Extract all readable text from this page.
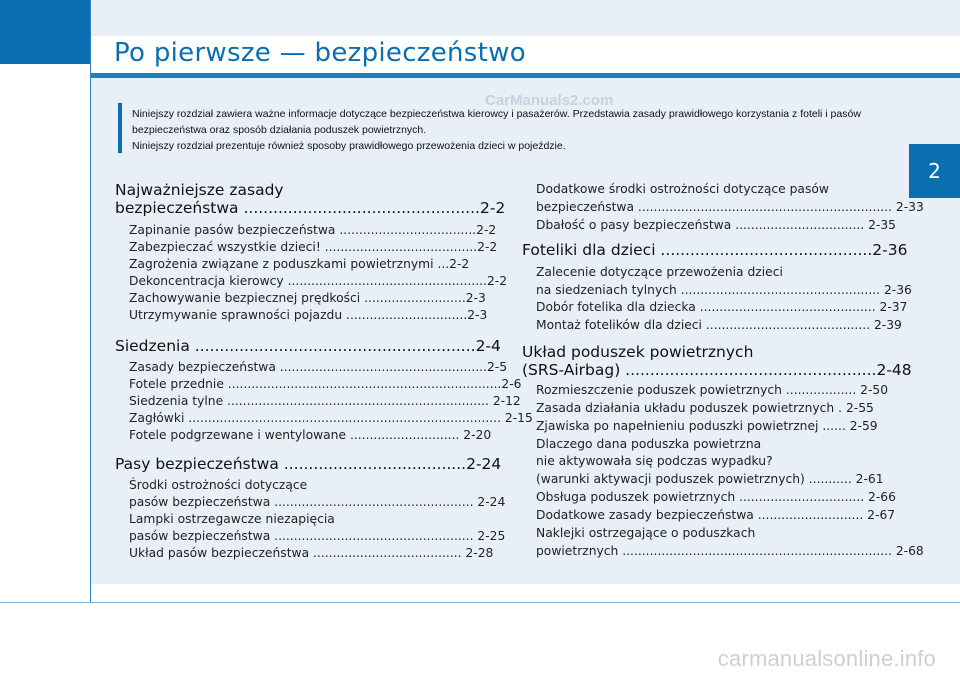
Po pierwsze — bezpieczeństwo

Niniejszy rozdział zawiera ważne informacje dotyczące bezpieczeństwa kierowcy i pasażerów. Przedstawia zasady prawidłowego korzystania z foteli i pasów

bezpieczeństwa oraz sposób działania poduszek powietrznych.

Niniejszy rozdział prezentuje również sposoby prawidłowego przewożenia dzieci w pojeździe.

CarManuals2.com
2
Najważniejsze zasady
bezpieczeństwa ................................................2-2
Zapinanie pasów bezpieczeństwa ...................................2-2
Zabezpieczać wszystkie dzieci! .......................................2-2
Zagrożenia związane z poduszkami powietrznymi ...2-2
Dekoncentracja kierowcy ...................................................2-2
Zachowywanie bezpiecznej prędkości ..........................2-3
Utrzymywanie sprawności pojazdu ...............................2-3
Siedzenia .........................................................2-4
Zasady bezpieczeństwa .....................................................2-5
Fotele przednie ......................................................................2-6
Siedzenia tylne ................................................................... 2-12
Zagłówki ................................................................................ 2-15
Fotele podgrzewane i wentylowane ............................ 2-20
Pasy bezpieczeństwa .....................................2-24
Środki ostrożności dotyczące
pasów bezpieczeństwa ................................................... 2-24
Lampki ostrzegawcze niezapięcia
pasów bezpieczeństwa ................................................... 2-25
Układ pasów bezpieczeństwa ...................................... 2-28
Dodatkowe środki ostrożności dotyczące pasów
bezpieczeństwa ................................................................. 2-33
Dbałość o pasy bezpieczeństwa ................................. 2-35
Foteliki dla dzieci ...........................................2-36
Zalecenie dotyczące przewożenia dzieci
na siedzeniach tylnych ................................................... 2-36
Dobór fotelika dla dziecka ............................................. 2-37
Montaż fotelików dla dzieci .......................................... 2-39
Układ poduszek powietrznych
(SRS-Airbag) ...................................................2-48
Rozmieszczenie poduszek powietrznych .................. 2-50
Zasada działania układu poduszek powietrznych . 2-55
Zjawiska po napełnieniu poduszki powietrznej ...... 2-59
Dlaczego dana poduszka powietrzna
nie aktywowała się podczas wypadku?
(warunki aktywacji poduszek powietrznych) ........... 2-61
Obsługa poduszek powietrznych ................................ 2-66
Dodatkowe zasady bezpieczeństwa ........................... 2-67
Naklejki ostrzegające o poduszkach
powietrznych ..................................................................... 2-68
carmanualsonline.info
